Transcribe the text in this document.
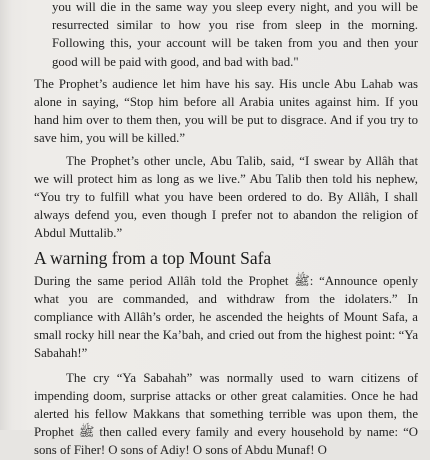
you will die in the same way you sleep every night, and you will be resurrected similar to how you rise from sleep in the morning. Following this, your account will be taken from you and then your good will be paid with good, and bad with bad."

The Prophet’s audience let him have his say. His uncle Abu Lahab was alone in saying, “Stop him before all Arabia unites against him. If you hand him over to them then, you will be put to disgrace. And if you try to save him, you will be killed.”

The Prophet’s other uncle, Abu Talib, said, “I swear by Allâh that we will protect him as long as we live.” Abu Talib then told his nephew, “You try to fulfill what you have been ordered to do. By Allâh, I shall always defend you, even though I prefer not to abandon the religion of Abdul Muttalib.”

A warning from a top Mount Safa

During the same period Allâh told the Prophet ﷺ: “Announce openly what you are commanded, and withdraw from the idolaters.” In compliance with Allâh’s order, he ascended the heights of Mount Safa, a small rocky hill near the Ka’bah, and cried out from the highest point: “Ya Sabahah!”

The cry “Ya Sabahah” was normally used to warn citizens of impending doom, surprise attacks or other great calamities. Once he had alerted his fellow Makkans that something terrible was upon them, the Prophet ﷺ then called every family and every household by name: “O sons of Fiher! O sons of Adiy! O sons of Abdu Munaf! O
